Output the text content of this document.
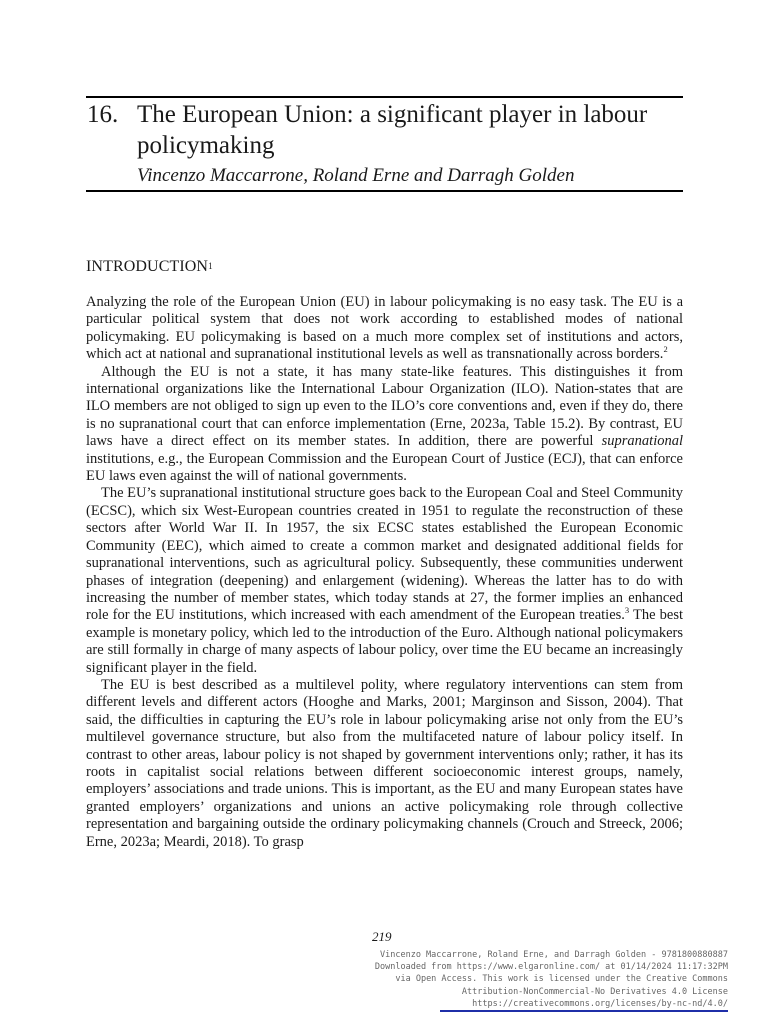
16. The European Union: a significant player in labour policymaking
Vincenzo Maccarrone, Roland Erne and Darragh Golden
INTRODUCTION$^1$

Analyzing the role of the European Union (EU) in labour policymaking is no easy task. The EU is a particular political system that does not work according to established modes of national policymaking. EU policymaking is based on a much more complex set of institutions and actors, which act at national and supranational institutional levels as well as transnationally across borders.$^2$

Although the EU is not a state, it has many state-like features. This distinguishes it from international organizations like the International Labour Organization (ILO). Nation-states that are ILO members are not obliged to sign up even to the ILO’s core conventions and, even if they do, there is no supranational court that can enforce implementation (Erne, 2023a, Table 15.2). By contrast, EU laws have a direct effect on its member states. In addition, there are powerful supranational institutions, e.g., the European Commission and the European Court of Justice (ECJ), that can enforce EU laws even against the will of national governments.

The EU’s supranational institutional structure goes back to the European Coal and Steel Community (ECSC), which six West-European countries created in 1951 to regulate the reconstruction of these sectors after World War II. In 1957, the six ECSC states established the European Economic Community (EEC), which aimed to create a common market and designated additional fields for supranational interventions, such as agricultural policy. Subsequently, these communities underwent phases of integration (deepening) and enlargement (widening). Whereas the latter has to do with increasing the number of member states, which today stands at 27, the former implies an enhanced role for the EU institutions, which increased with each amendment of the European treaties.$^3$ The best example is monetary policy, which led to the introduction of the Euro. Although national policymakers are still formally in charge of many aspects of labour policy, over time the EU became an increasingly significant player in the field.

The EU is best described as a multilevel polity, where regulatory interventions can stem from different levels and different actors (Hooghe and Marks, 2001; Marginson and Sisson, 2004). That said, the difficulties in capturing the EU’s role in labour policymaking arise not only from the EU’s multilevel governance structure, but also from the multifaceted nature of labour policy itself. In contrast to other areas, labour policy is not shaped by government interventions only; rather, it has its roots in capitalist social relations between different socioeconomic interest groups, namely, employers’ associations and trade unions. This is important, as the EU and many European states have granted employers’ organizations and unions an active policymaking role through collective representation and bargaining outside the ordinary policymaking channels (Crouch and Streeck, 2006; Erne, 2023a; Meardi, 2018). To grasp

219
Vincenzo Maccarrone, Roland Erne, and Darragh Golden - 9781800880887
Downloaded from https://www.elgaronline.com/ at 01/14/2024 11:17:32PM
via Open Access. This work is licensed under the Creative Commons
Attribution-NonCommercial-No Derivatives 4.0 License
https://creativecommons.org/licenses/by-nc-nd/4.0/
